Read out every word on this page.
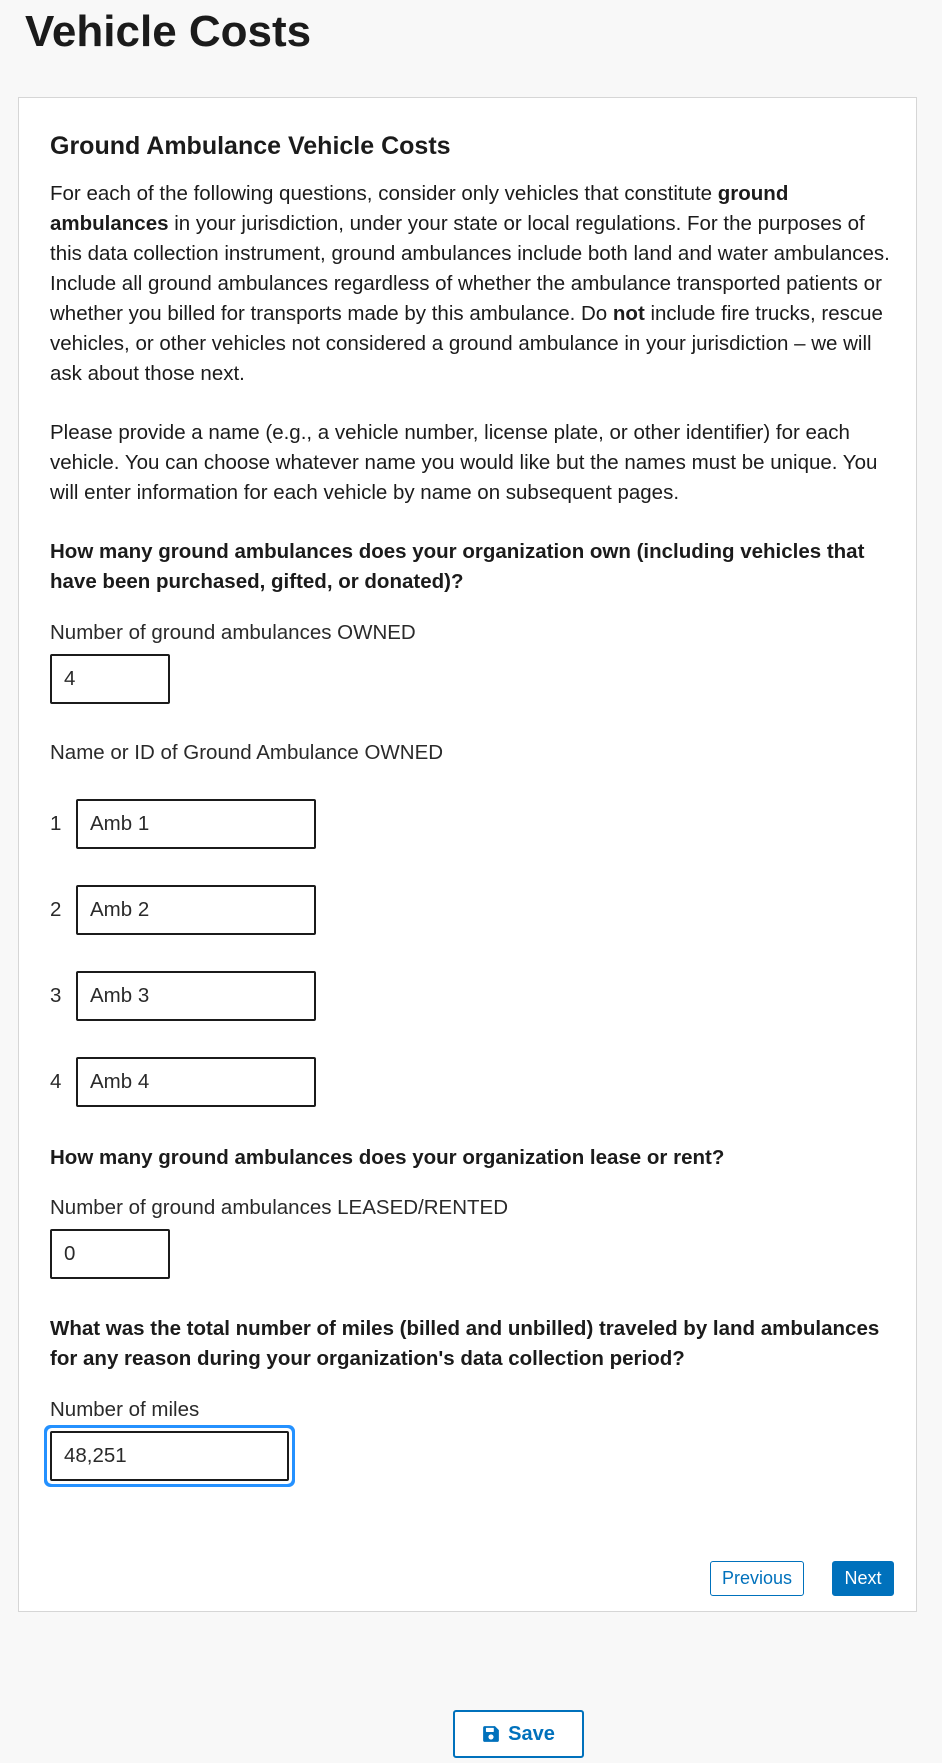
Vehicle Costs
Ground Ambulance Vehicle Costs

For each of the following questions, consider only vehicles that constitute ground ambulances in your jurisdiction, under your state or local regulations. For the purposes of this data collection instrument, ground ambulances include both land and water ambulances. Include all ground ambulances regardless of whether the ambulance transported patients or whether you billed for transports made by this ambulance. Do not include fire trucks, rescue vehicles, or other vehicles not considered a ground ambulance in your jurisdiction – we will ask about those next.

Please provide a name (e.g., a vehicle number, license plate, or other identifier) for each vehicle. You can choose whatever name you would like but the names must be unique. You will enter information for each vehicle by name on subsequent pages.

How many ground ambulances does your organization own (including vehicles that have been purchased, gifted, or donated)?

Number of ground ambulances OWNED
4
Name or ID of Ground Ambulance OWNED
1
Amb 1
2
Amb 2
3
Amb 3
4
Amb 4

How many ground ambulances does your organization lease or rent?

Number of ground ambulances LEASED/RENTED
0

What was the total number of miles (billed and unbilled) traveled by land ambulances for any reason during your organization's data collection period?

Number of miles
48,251
Previous	Next
Save
